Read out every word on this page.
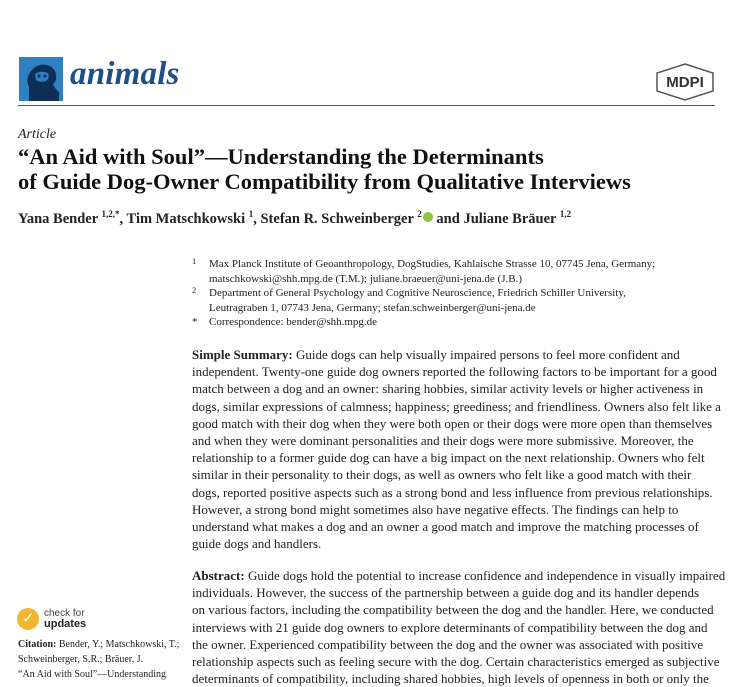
animals	MDPI
Article
“An Aid with Soul”—Understanding the Determinants
of Guide Dog-Owner Compatibility from Qualitative Interviews
Yana Bender $^{1,2,*}$, Tim Matschkowski $^1$, Stefan R. Schweinberger $^2$ and Juliane Bräuer $^{1,2}$
1 Max Planck Institute of Geoanthropology, DogStudies, Kahlaische Strasse 10, 07745 Jena, Germany;
matschkowski@shh.mpg.de (T.M.); juliane.braeuer@uni-jena.de (J.B.)
2 Department of General Psychology and Cognitive Neuroscience, Friedrich Schiller University,
Leutragraben 1, 07743 Jena, Germany; stefan.schweinberger@uni-jena.de
* Correspondence: bender@shh.mpg.de
Simple Summary: Guide dogs can help visually impaired persons to feel more confident and
independent. Twenty-one guide dog owners reported the following factors to be important for a good
match between a dog and an owner: sharing hobbies, similar activity levels or higher activeness in
dogs, similar expressions of calmness; happiness; greediness; and friendliness. Owners also felt like a
good match with their dog when they were both open or their dogs were more open than themselves
and when they were dominant personalities and their dogs were more submissive. Moreover, the
relationship to a former guide dog can have a big impact on the next relationship. Owners who felt
similar in their personality to their dogs, as well as owners who felt like a good match with their
dogs, reported positive aspects such as a strong bond and less influence from previous relationships.
However, a strong bond might sometimes also have negative effects. The findings can help to
understand what makes a dog and an owner a good match and improve the matching processes of
guide dogs and handlers.
Abstract: Guide dogs hold the potential to increase confidence and independence in visually impaired
individuals. However, the success of the partnership between a guide dog and its handler depends
on various factors, including the compatibility between the dog and the handler. Here, we conducted
interviews with 21 guide dog owners to explore determinants of compatibility between the dog and
the owner. Experienced compatibility between the dog and the owner was associated with positive
relationship aspects such as feeling secure with the dog. Certain characteristics emerged as subjective
determinants of compatibility, including shared hobbies, high levels of openness in both or only the
✓ check for
updates
Citation: Bender, Y.; Matschkowski, T.;
Schweinberger, S.R.; Bräuer, J.
“An Aid with Soul”—Understanding
